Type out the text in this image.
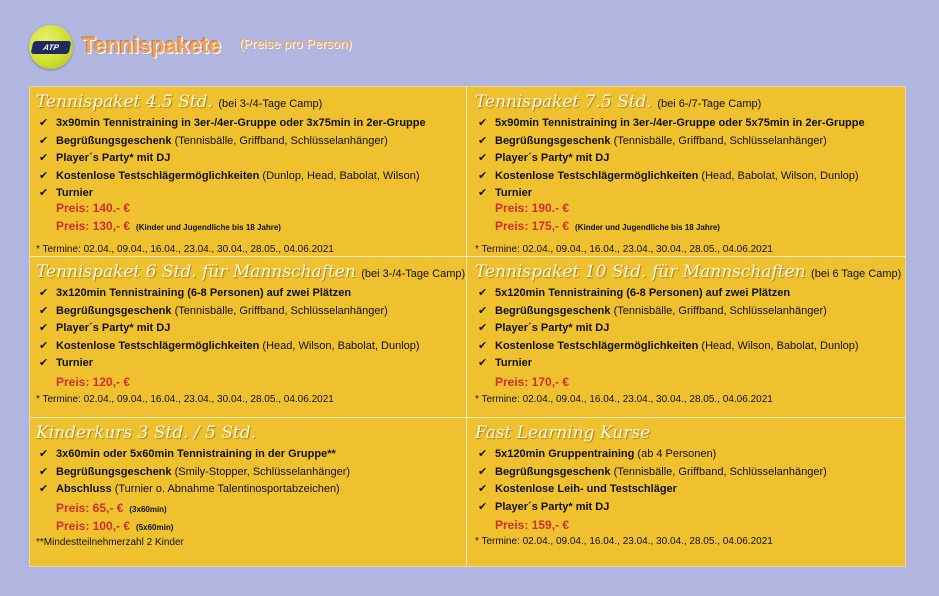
ATP	Tennispakete (Preise pro Person)
Tennispaket 4.5 Std. (bei 3-/4-Tage Camp)
✔ 3x90min Tennistraining in 3er-/4er-Gruppe oder 3x75min in 2er-Gruppe
✔ Begrüßungsgeschenk (Tennisbälle, Griffband, Schlüsselanhänger)
✔ Player´s Party* mit DJ
✔ Kostenlose Testschlägermöglichkeiten (Dunlop, Head, Babolat, Wilson)
✔ Turnier
Preis: 140.- €
Preis: 130,- € (Kinder und Jugendliche bis 18 Jahre)
* Termine: 02.04., 09.04., 16.04., 23.04., 30.04., 28.05., 04.06.2021
Tennispaket 7.5 Std. (bei 6-/7-Tage Camp)
✔ 5x90min Tennistraining in 3er-/4er-Gruppe oder 5x75min in 2er-Gruppe
✔ Begrüßungsgeschenk (Tennisbälle, Griffband, Schlüsselanhänger)
✔ Player´s Party* mit DJ
✔ Kostenlose Testschlägermöglichkeiten (Head, Babolat, Wilson, Dunlop)
✔ Turnier
Preis: 190.- €
Preis: 175,- € (Kinder und Jugendliche bis 18 Jahre)
* Termine: 02.04., 09.04., 16.04., 23.04., 30.04., 28.05., 04.06.2021
Tennispaket 6 Std. für Mannschaften (bei 3-/4-Tage Camp)
✔ 3x120min Tennistraining (6-8 Personen) auf zwei Plätzen
✔ Begrüßungsgeschenk (Tennisbälle, Griffband, Schlüsselanhänger)
✔ Player´s Party* mit DJ
✔ Kostenlose Testschlägermöglichkeiten (Head, Wilson, Babolat, Dunlop)
✔ Turnier
Preis: 120,- €
* Termine: 02.04., 09.04., 16.04., 23.04., 30.04., 28.05., 04.06.2021
Tennispaket 10 Std. für Mannschaften (bei 6 Tage Camp)
✔ 5x120min Tennistraining (6-8 Personen) auf zwei Plätzen
✔ Begrüßungsgeschenk (Tennisbälle, Griffband, Schlüsselanhänger)
✔ Player´s Party* mit DJ
✔ Kostenlose Testschlägermöglichkeiten (Head, Wilson, Babolat, Dunlop)
✔ Turnier
Preis: 170,- €
* Termine: 02.04., 09.04., 16.04., 23.04., 30.04., 28.05., 04.06.2021
Kinderkurs 3 Std. / 5 Std.
✔ 3x60min oder 5x60min Tennistraining in der Gruppe**
✔ Begrüßungsgeschenk (Smily-Stopper, Schlüsselanhänger)
✔ Abschluss (Turnier o. Abnahme Talentinosportabzeichen)
Preis: 65,- € (3x60min)
Preis: 100,- € (5x60min)
**Mindestteilnehmerzahl 2 Kinder
Fast Learning Kurse
✔ 5x120min Gruppentraining (ab 4 Personen)
✔ Begrüßungsgeschenk (Tennisbälle, Griffband, Schlüsselanhänger)
✔ Kostenlose Leih- und Testschläger
✔ Player´s Party* mit DJ
Preis: 159,- €
* Termine: 02.04., 09.04., 16.04., 23.04., 30.04., 28.05., 04.06.2021
